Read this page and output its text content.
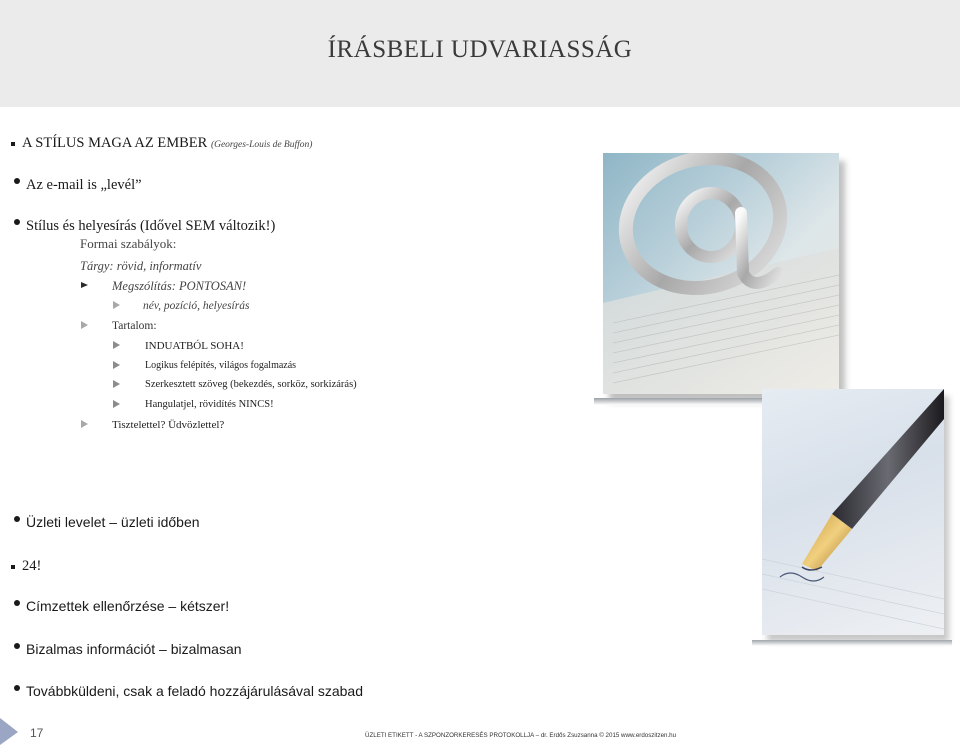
ÍRÁSBELI UDVARIASSÁG
A STÍLUS MAGA AZ EMBER (Georges-Louis de Buffon)
Az e-mail is „levél”
Stílus és helyesírás (Idővel SEM változik!)
Formai szabályok:
Tárgy: rövid, informatív
Megszólítás: PONTOSAN!
név, pozíció, helyesírás
Tartalom:
INDUATBÓL SOHA!
Logikus felépítés, világos fogalmazás
Szerkesztett szöveg (bekezdés, sorköz, sorkizárás)
Hangulatjel, rövidítés NINCS!
Tisztelettel? Üdvözlettel?
Üzleti levelet – üzleti időben
24!
Címzettek ellenőrzése – kétszer!
Bizalmas információt – bizalmasan
Továbbküldeni, csak a feladó hozzájárulásával szabad
17	ÜZLETI ETIKETT - A SZPONZORKERESÉS PROTOKOLLJA – dr. Erdős Zsuzsanna © 2015 www.erdoszitzen.hu
